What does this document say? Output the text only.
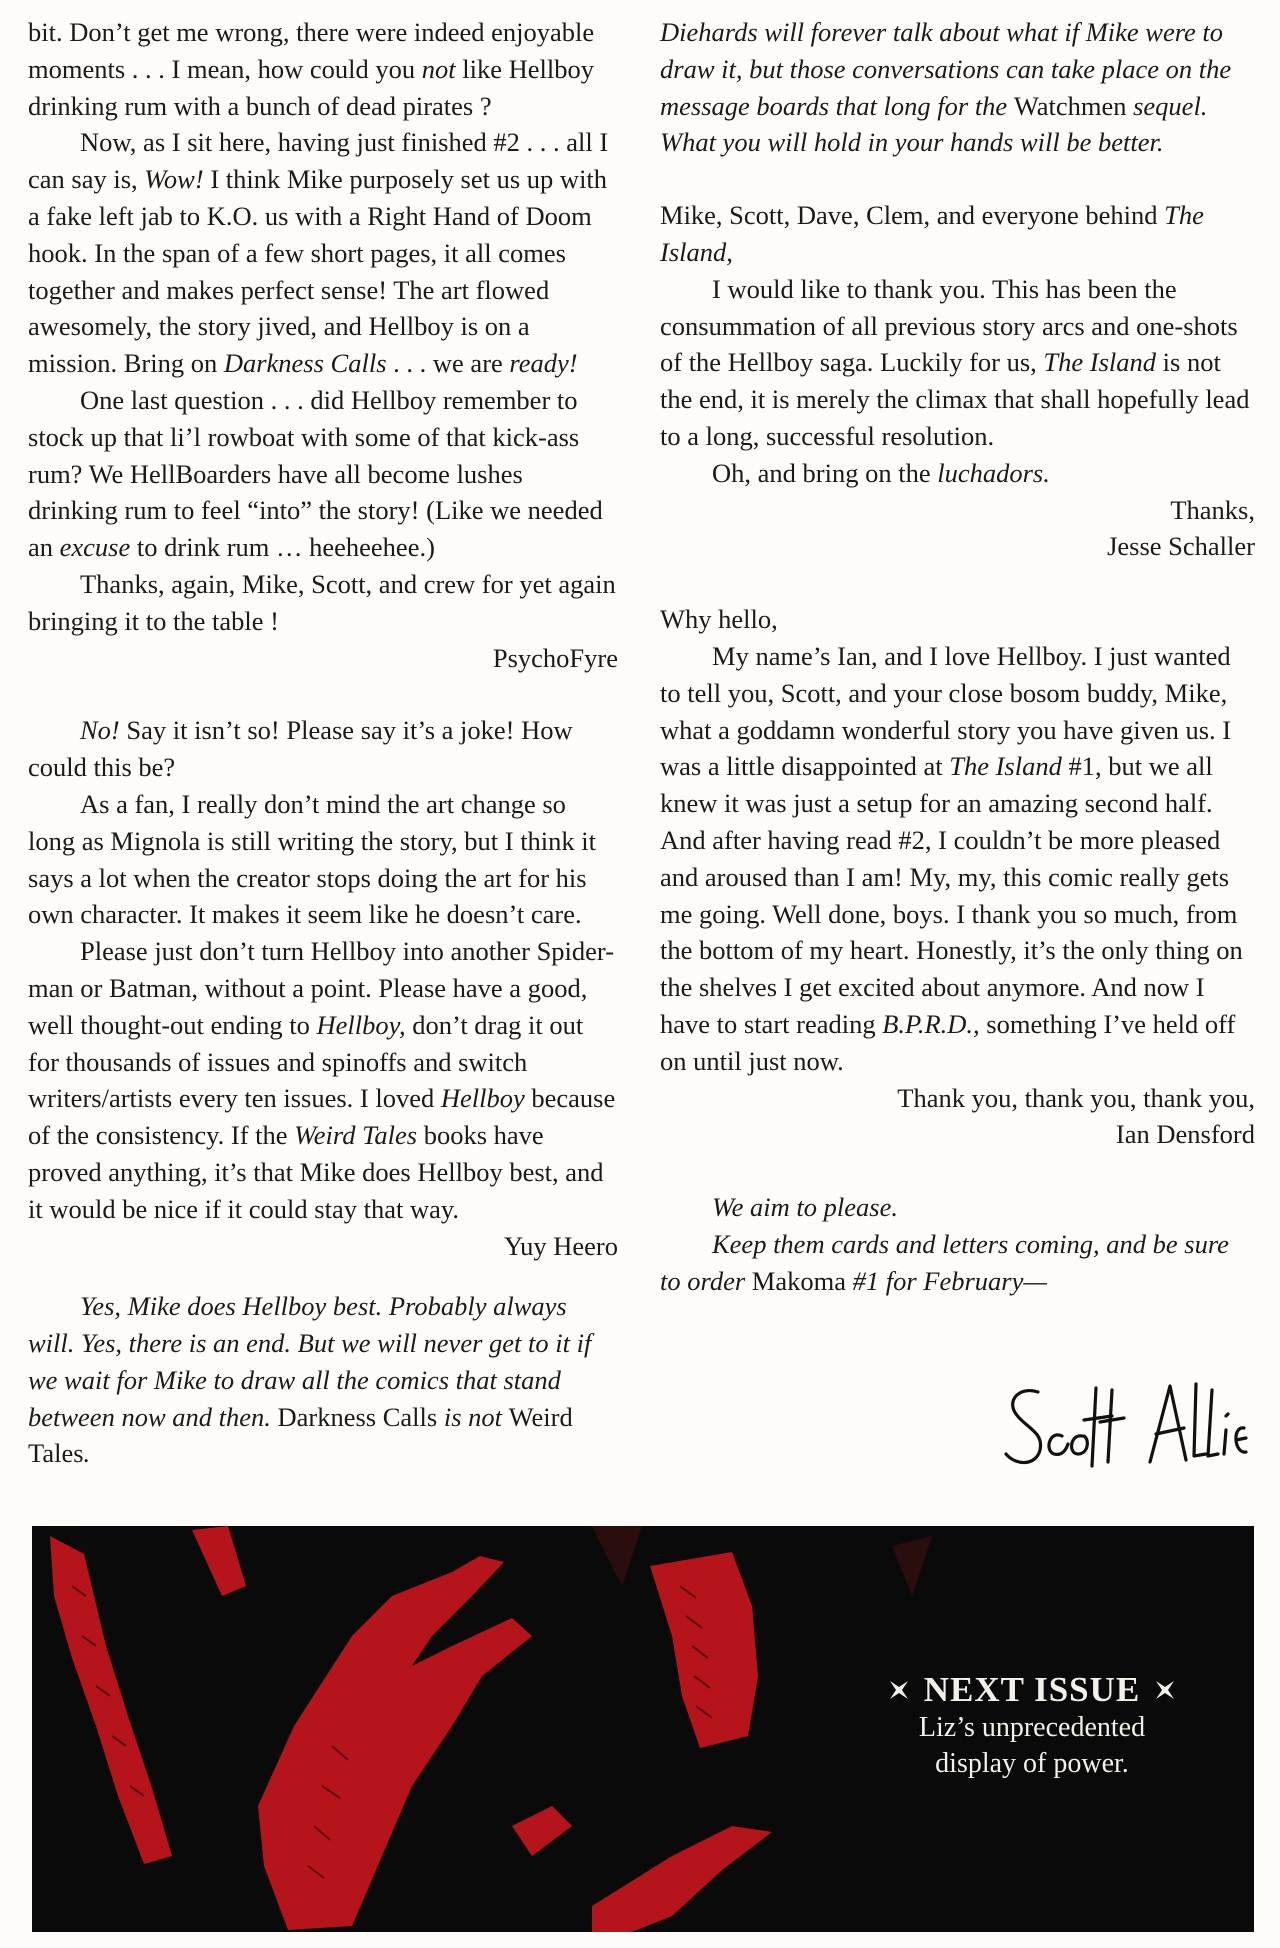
bit. Don’t get me wrong, there were indeed enjoyable moments . . . I mean, how could you not like Hellboy drinking rum with a bunch of dead pirates ?

Now, as I sit here, having just finished #2 . . . all I can say is, Wow! I think Mike purposely set us up with a fake left jab to K.O. us with a Right Hand of Doom hook. In the span of a few short pages, it all comes together and makes perfect sense! The art flowed awesomely, the story jived, and Hellboy is on a mission. Bring on Darkness Calls . . . we are ready!

One last question . . . did Hellboy remember to stock up that li’l rowboat with some of that kick-ass rum? We HellBoarders have all become lushes drinking rum to feel “into” the story! (Like we needed an excuse to drink rum … heeheehee.)

Thanks, again, Mike, Scott, and crew for yet again bringing it to the table !

PsychoFyre

No! Say it isn’t so! Please say it’s a joke! How could this be?

As a fan, I really don’t mind the art change so long as Mignola is still writing the story, but I think it says a lot when the creator stops doing the art for his own character. It makes it seem like he doesn’t care.

Please just don’t turn Hellboy into another Spider-man or Batman, without a point. Please have a good, well thought-out ending to Hellboy, don’t drag it out for thousands of issues and spinoffs and switch writers/artists every ten issues. I loved Hellboy because of the consistency. If the Weird Tales books have proved anything, it’s that Mike does Hellboy best, and it would be nice if it could stay that way.

Yuy Heero

Yes, Mike does Hellboy best. Probably always will. Yes, there is an end. But we will never get to it if we wait for Mike to draw all the comics that stand between now and then. Darkness Calls is not Weird Tales.

Diehards will forever talk about what if Mike were to draw it, but those conversations can take place on the message boards that long for the Watchmen sequel. What you will hold in your hands will be better.

Mike, Scott, Dave, Clem, and everyone behind The Island,

I would like to thank you. This has been the consummation of all previous story arcs and one-shots of the Hellboy saga. Luckily for us, The Island is not the end, it is merely the climax that shall hopefully lead to a long, successful resolution.

Oh, and bring on the luchadors.

Thanks,

Jesse Schaller

Why hello,

My name’s Ian, and I love Hellboy. I just wanted to tell you, Scott, and your close bosom buddy, Mike, what a goddamn wonderful story you have given us. I was a little disappointed at The Island #1, but we all knew it was just a setup for an amazing second half. And after having read #2, I couldn’t be more pleased and aroused than I am! My, my, this comic really gets me going. Well done, boys. I thank you so much, from the bottom of my heart. Honestly, it’s the only thing on the shelves I get excited about anymore. And now I have to start reading B.P.R.D., something I’ve held off on until just now.

Thank you, thank you, thank you,

Ian Densford

We aim to please.

Keep them cards and letters coming, and be sure to order Makoma #1 for February—

NEXT ISSUE
Liz’s unprecedented
display of power.
